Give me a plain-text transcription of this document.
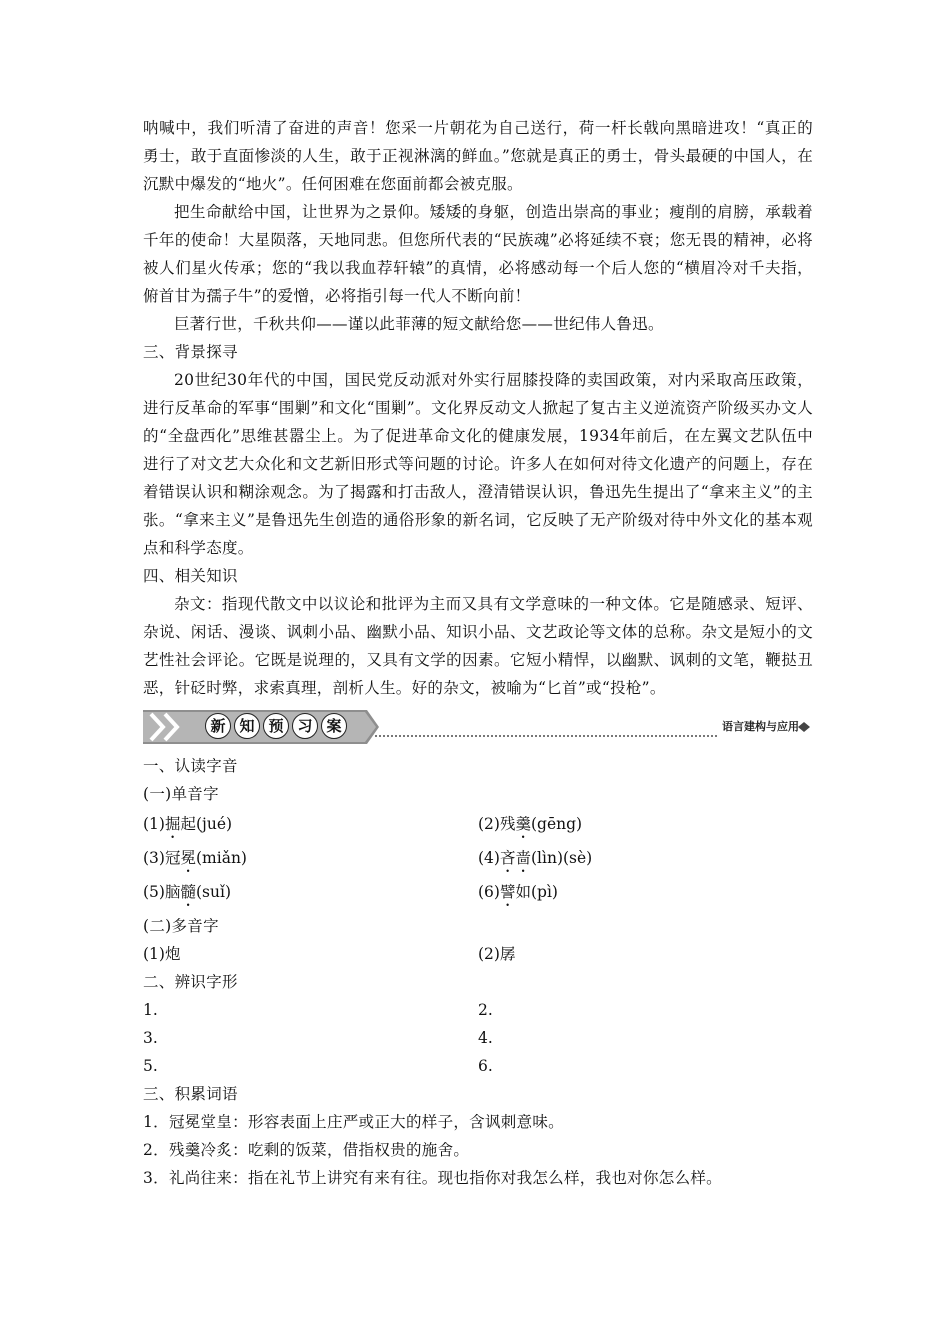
呐喊中，我们听清了奋进的声音！您采一片朝花为自己送行，荷一杆长戟向黑暗进攻！“真正的勇士，敢于直面惨淡的人生，敢于正视淋漓的鲜血。”您就是真正的勇士，骨头最硬的中国人，在沉默中爆发的“地火”。任何困难在您面前都会被克服。

把生命献给中国，让世界为之景仰。矮矮的身躯，创造出崇高的事业；瘦削的肩膀，承载着千年的使命！大星陨落，天地同悲。但您所代表的“民族魂”必将延续不衰；您无畏的精神，必将被人们星火传承；您的“我以我血荐轩辕”的真情，必将感动每一个后人您的“横眉冷对千夫指，俯首甘为孺子牛”的爱憎，必将指引每一代人不断向前！

巨著行世，千秋共仰——谨以此菲薄的短文献给您——世纪伟人鲁迅。

三、背景探寻

20世纪30年代的中国，国民党反动派对外实行屈膝投降的卖国政策，对内采取高压政策，进行反革命的军事“围剿”和文化“围剿”。文化界反动文人掀起了复古主义逆流资产阶级买办文人的“全盘西化”思维甚嚣尘上。为了促进革命文化的健康发展，1934年前后，在左翼文艺队伍中进行了对文艺大众化和文艺新旧形式等问题的讨论。许多人在如何对待文化遗产的问题上，存在着错误认识和糊涂观念。为了揭露和打击敌人，澄清错误认识，鲁迅先生提出了“拿来主义”的主张。“拿来主义”是鲁迅先生创造的通俗形象的新名词，它反映了无产阶级对待中外文化的基本观点和科学态度。

四、相关知识

杂文：指现代散文中以议论和批评为主而又具有文学意味的一种文体。它是随感录、短评、杂说、闲话、漫谈、讽刺小品、幽默小品、知识小品、文艺政论等文体的总称。杂文是短小的文艺性社会评论。它既是说理的，又具有文学的因素。它短小精悍，以幽默、讽刺的文笔，鞭挞丑恶，针砭时弊，求索真理，剖析人生。好的杂文，被喻为“匕首”或“投枪”。

新 知 预 习 案	语言建构与应用

一、认读字音

(一)单音字

(1)掘起(jué)	(2)残羹(gēng)
(3)冠冕(miǎn)	(4)吝啬(lìn)(sè)
(5)脑髓(suǐ)	(6)譬如(pì)

(二)多音字

(1)炮	(2)孱

二、辨识字形

1.	2.
3.	4.
5.	6.

三、积累词语

1．冠冕堂皇：形容表面上庄严或正大的样子，含讽刺意味。

2．残羹冷炙：吃剩的饭菜，借指权贵的施舍。

3．礼尚往来：指在礼节上讲究有来有往。现也指你对我怎么样，我也对你怎么样。
